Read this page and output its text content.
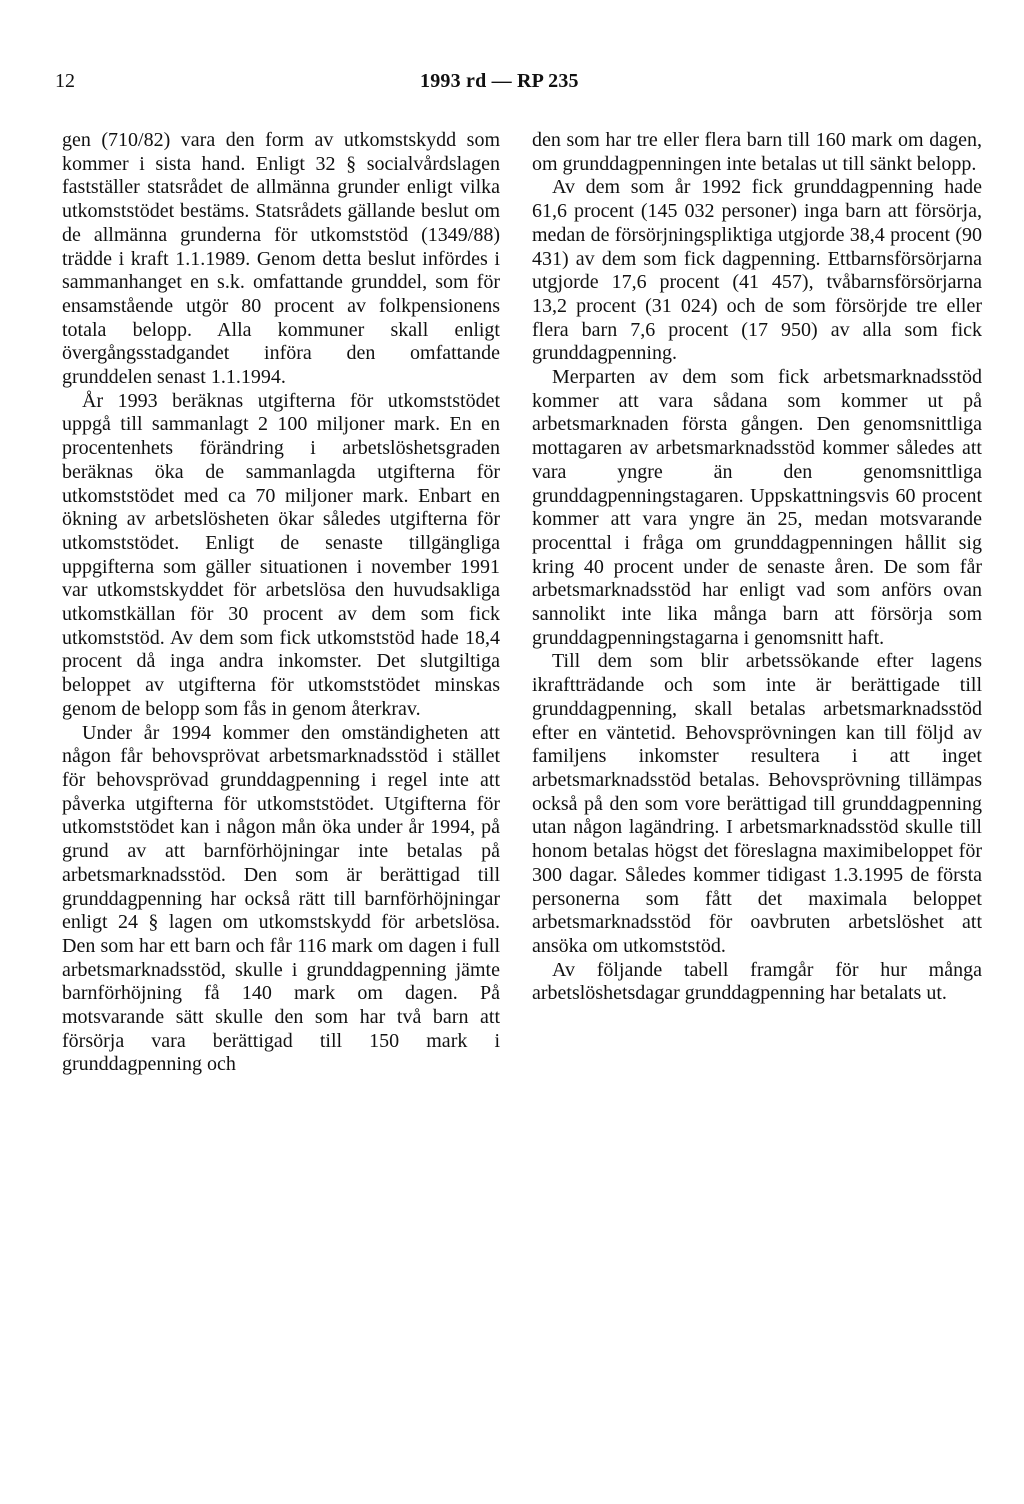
12	1993 rd — RP 235

gen (710/82) vara den form av utkomstskydd som kommer i sista hand. Enligt 32 § socialvårdslagen fastställer statsrådet de allmänna grunder enligt vilka utkomststödet bestäms. Statsrådets gällande beslut om de allmänna grunderna för utkomststöd (1349/88) trädde i kraft 1.1.1989. Genom detta beslut infördes i sammanhanget en s.k. omfattande grunddel, som för ensamstående utgör 80 procent av folkpensionens totala belopp. Alla kommuner skall enligt övergångsstadgandet införa den omfattande grunddelen senast 1.1.1994.

År 1993 beräknas utgifterna för utkomststödet uppgå till sammanlagt 2 100 miljoner mark. En en procentenhets förändring i arbetslöshetsgraden beräknas öka de sammanlagda utgifterna för utkomststödet med ca 70 miljoner mark. Enbart en ökning av arbetslösheten ökar således utgifterna för utkomststödet. Enligt de senaste tillgängliga uppgifterna som gäller situationen i november 1991 var utkomstskyddet för arbetslösa den huvudsakliga utkomstkällan för 30 procent av dem som fick utkomststöd. Av dem som fick utkomststöd hade 18,4 procent då inga andra inkomster. Det slutgiltiga beloppet av utgifterna för utkomststödet minskas genom de belopp som fås in genom återkrav.

Under år 1994 kommer den omständigheten att någon får behovsprövat arbetsmarknadsstöd i stället för behovsprövad grunddagpenning i regel inte att påverka utgifterna för utkomststödet. Utgifterna för utkomststödet kan i någon mån öka under år 1994, på grund av att barnförhöjningar inte betalas på arbetsmarknadsstöd. Den som är berättigad till grunddagpenning har också rätt till barnförhöjningar enligt 24 § lagen om utkomstskydd för arbetslösa. Den som har ett barn och får 116 mark om dagen i full arbetsmarknadsstöd, skulle i grunddagpenning jämte barnförhöjning få 140 mark om dagen. På motsvarande sätt skulle den som har två barn att försörja vara berättigad till 150 mark i grunddagpenning och

den som har tre eller flera barn till 160 mark om dagen, om grunddagpenningen inte betalas ut till sänkt belopp.

Av dem som år 1992 fick grunddagpenning hade 61,6 procent (145 032 personer) inga barn att försörja, medan de försörjningspliktiga utgjorde 38,4 procent (90 431) av dem som fick dagpenning. Ettbarnsförsörjarna utgjorde 17,6 procent (41 457), tvåbarnsförsörjarna 13,2 procent (31 024) och de som försörjde tre eller flera barn 7,6 procent (17 950) av alla som fick grunddagpenning.

Merparten av dem som fick arbetsmarknadsstöd kommer att vara sådana som kommer ut på arbetsmarknaden första gången. Den genomsnittliga mottagaren av arbetsmarknadsstöd kommer således att vara yngre än den genomsnittliga grunddagpenningstagaren. Uppskattningsvis 60 procent kommer att vara yngre än 25, medan motsvarande procenttal i fråga om grunddagpenningen hållit sig kring 40 procent under de senaste åren. De som får arbetsmarknadsstöd har enligt vad som anförs ovan sannolikt inte lika många barn att försörja som grunddagpenningstagarna i genomsnitt haft.

Till dem som blir arbetssökande efter lagens ikraftträdande och som inte är berättigade till grunddagpenning, skall betalas arbetsmarknadsstöd efter en väntetid. Behovsprövningen kan till följd av familjens inkomster resultera i att inget arbetsmarknadsstöd betalas. Behovsprövning tillämpas också på den som vore berättigad till grunddagpenning utan någon lagändring. I arbetsmarknadsstöd skulle till honom betalas högst det föreslagna maximibeloppet för 300 dagar. Således kommer tidigast 1.3.1995 de första personerna som fått det maximala beloppet arbetsmarknadsstöd för oavbruten arbetslöshet att ansöka om utkomststöd.

Av följande tabell framgår för hur många arbetslöshetsdagar grunddagpenning har betalats ut.
